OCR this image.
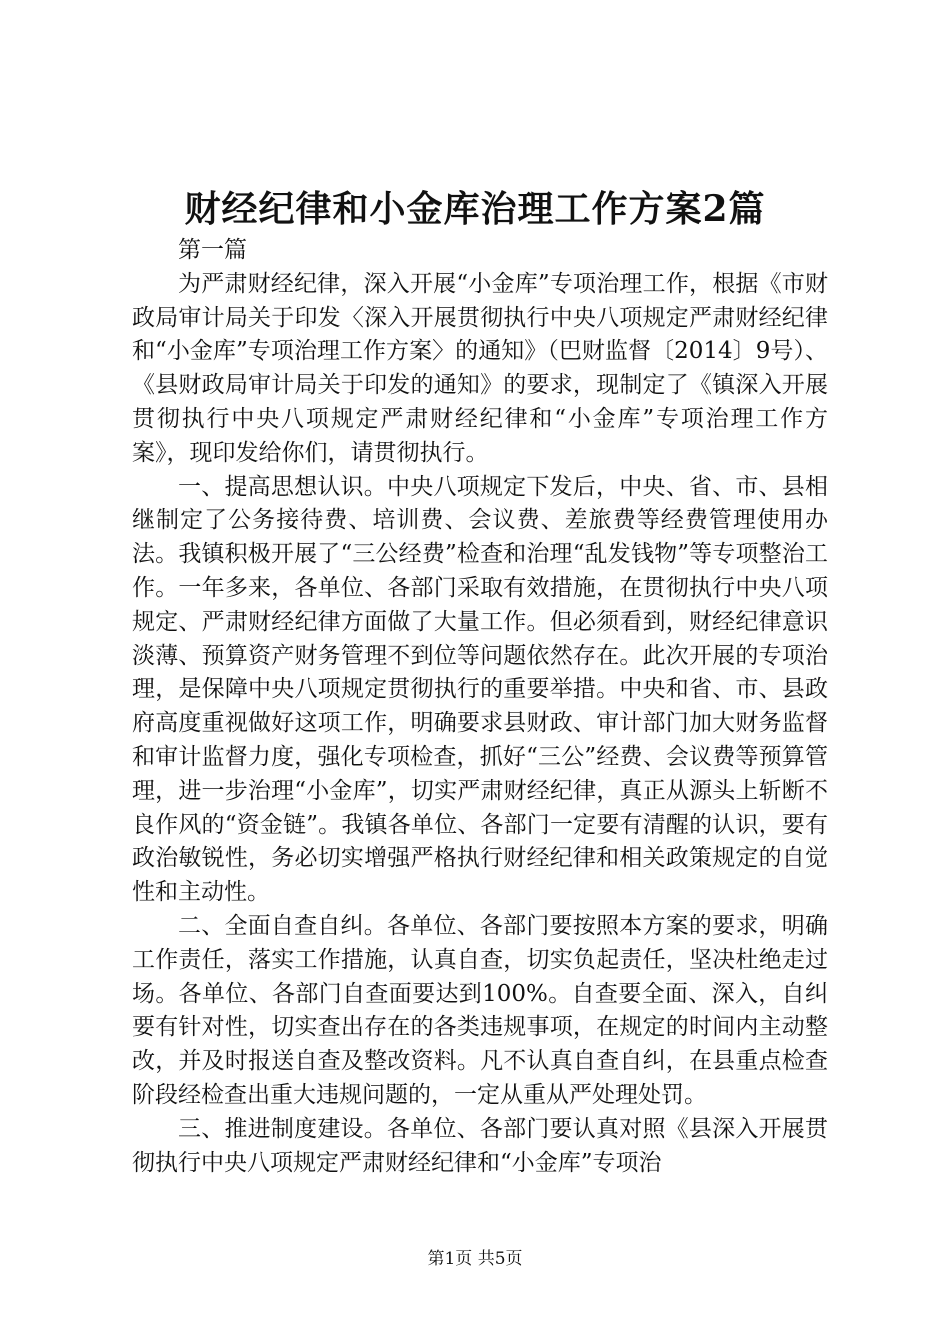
财经纪律和小金库治理工作方案2篇

第一篇

为严肃财经纪律，深入开展“小金库”专项治理工作，根据《市财政局审计局关于印发〈深入开展贯彻执行中央八项规定严肃财经纪律和“小金库”专项治理工作方案〉的通知》（巴财监督〔2014〕9号）、《县财政局审计局关于印发的通知》的要求，现制定了《镇深入开展贯彻执行中央八项规定严肃财经纪律和“小金库”专项治理工作方案》，现印发给你们，请贯彻执行。

一、提高思想认识。中央八项规定下发后，中央、省、市、县相继制定了公务接待费、培训费、会议费、差旅费等经费管理使用办法。我镇积极开展了“三公经费”检查和治理“乱发钱物”等专项整治工作。一年多来，各单位、各部门采取有效措施，在贯彻执行中央八项规定、严肃财经纪律方面做了大量工作。但必须看到，财经纪律意识淡薄、预算资产财务管理不到位等问题依然存在。此次开展的专项治理，是保障中央八项规定贯彻执行的重要举措。中央和省、市、县政府高度重视做好这项工作，明确要求县财政、审计部门加大财务监督和审计监督力度，强化专项检查，抓好“三公”经费、会议费等预算管理，进一步治理“小金库”，切实严肃财经纪律，真正从源头上斩断不良作风的“资金链”。我镇各单位、各部门一定要有清醒的认识，要有政治敏锐性，务必切实增强严格执行财经纪律和相关政策规定的自觉性和主动性。

二、全面自查自纠。各单位、各部门要按照本方案的要求，明确工作责任，落实工作措施，认真自查，切实负起责任，坚决杜绝走过场。各单位、各部门自查面要达到100%。自查要全面、深入，自纠要有针对性，切实查出存在的各类违规事项，在规定的时间内主动整改，并及时报送自查及整改资料。凡不认真自查自纠，在县重点检查阶段经检查出重大违规问题的，一定从重从严处理处罚。

三、推进制度建设。各单位、各部门要认真对照《县深入开展贯彻执行中央八项规定严肃财经纪律和“小金库”专项治

第1页 共5页
